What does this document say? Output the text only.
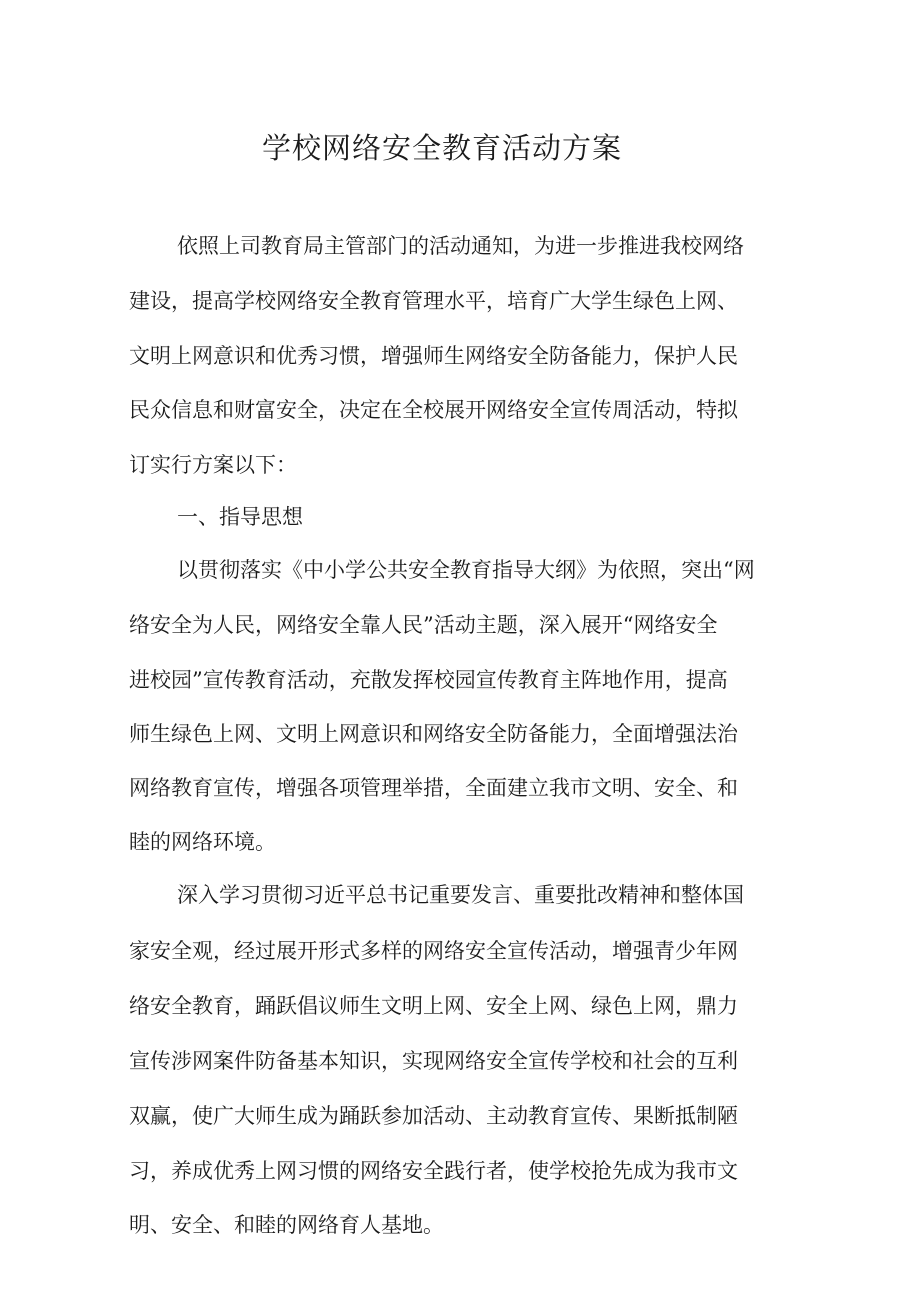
学校网络安全教育活动方案

依照上司教育局主管部门的活动通知，为进一步推进我校网络

建设，提高学校网络安全教育管理水平，培育广大学生绿色上网、

文明上网意识和优秀习惯，增强师生网络安全防备能力，保护人民

民众信息和财富安全，决定在全校展开网络安全宣传周活动，特拟

订实行方案以下：

一、指导思想

以贯彻落实《中小学公共安全教育指导大纲》为依照，突出“网

络安全为人民，网络安全靠人民”活动主题，深入展开“网络安全

进校园”宣传教育活动，充散发挥校园宣传教育主阵地作用，提高

师生绿色上网、文明上网意识和网络安全防备能力，全面增强法治

网络教育宣传，增强各项管理举措，全面建立我市文明、安全、和

睦的网络环境。

深入学习贯彻习近平总书记重要发言、重要批改精神和整体国

家安全观，经过展开形式多样的网络安全宣传活动，增强青少年网

络安全教育，踊跃倡议师生文明上网、安全上网、绿色上网，鼎力

宣传涉网案件防备基本知识，实现网络安全宣传学校和社会的互利

双赢，使广大师生成为踊跃参加活动、主动教育宣传、果断抵制陋

习，养成优秀上网习惯的网络安全践行者，使学校抢先成为我市文

明、安全、和睦的网络育人基地。
